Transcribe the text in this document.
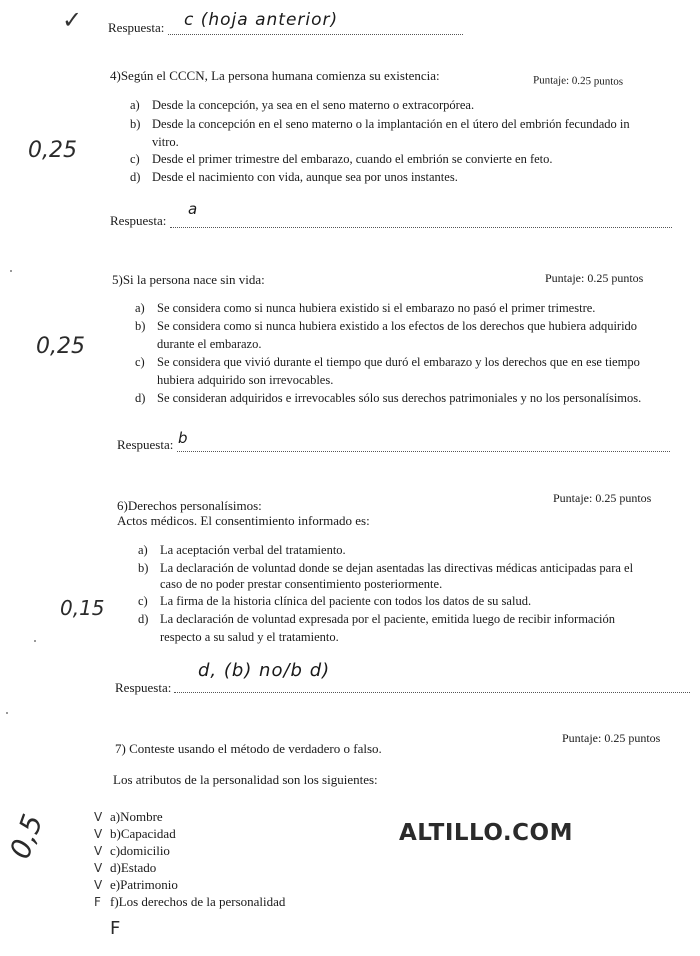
✓ Respuesta: c (hoja anterior)
4)Según el CCCN, La persona humana comienza su existencia:	Puntaje: 0.25 puntos
0,25
a) Desde la concepción, ya sea en el seno materno o extracorpórea.
b) Desde la concepción en el seno materno o la implantación en el útero del embrión fecundado in
vitro.
c) Desde el primer trimestre del embarazo, cuando el embrión se convierte en feto.
d) Desde el nacimiento con vida, aunque sea por unos instantes.
Respuesta:
a
5)Si la persona nace sin vida:	Puntaje: 0.25 puntos
0,25
a) Se considera como si nunca hubiera existido si el embarazo no pasó el primer trimestre.
b) Se considera como si nunca hubiera existido a los efectos de los derechos que hubiera adquirido
durante el embarazo.
c) Se considera que vivió durante el tiempo que duró el embarazo y los derechos que en ese tiempo
hubiera adquirido son irrevocables.
d) Se consideran adquiridos e irrevocables sólo sus derechos patrimoniales y no los personalísimos.
Respuesta: b
6)Derechos personalísimos:
Actos médicos. El consentimiento informado es:
Puntaje: 0.25 puntos
0,15
a) La aceptación verbal del tratamiento.
b) La declaración de voluntad donde se dejan asentadas las directivas médicas anticipadas para el
caso de no poder prestar consentimiento posteriormente.
c) La firma de la historia clínica del paciente con todos los datos de su salud.
d) La declaración de voluntad expresada por el paciente, emitida luego de recibir información
respecto a su salud y el tratamiento.
Respuesta:
d, (b) no/b d)
7) Conteste usando el método de verdadero o falso.
Puntaje: 0.25 puntos
Los atributos de la personalidad son los siguientes:
0,5	V a)Nombre
V b)Capacidad
V c)domicilio
V d)Estado
V e)Patrimonio
F f)Los derechos de la personalidad
F
ALTILLO.COM
